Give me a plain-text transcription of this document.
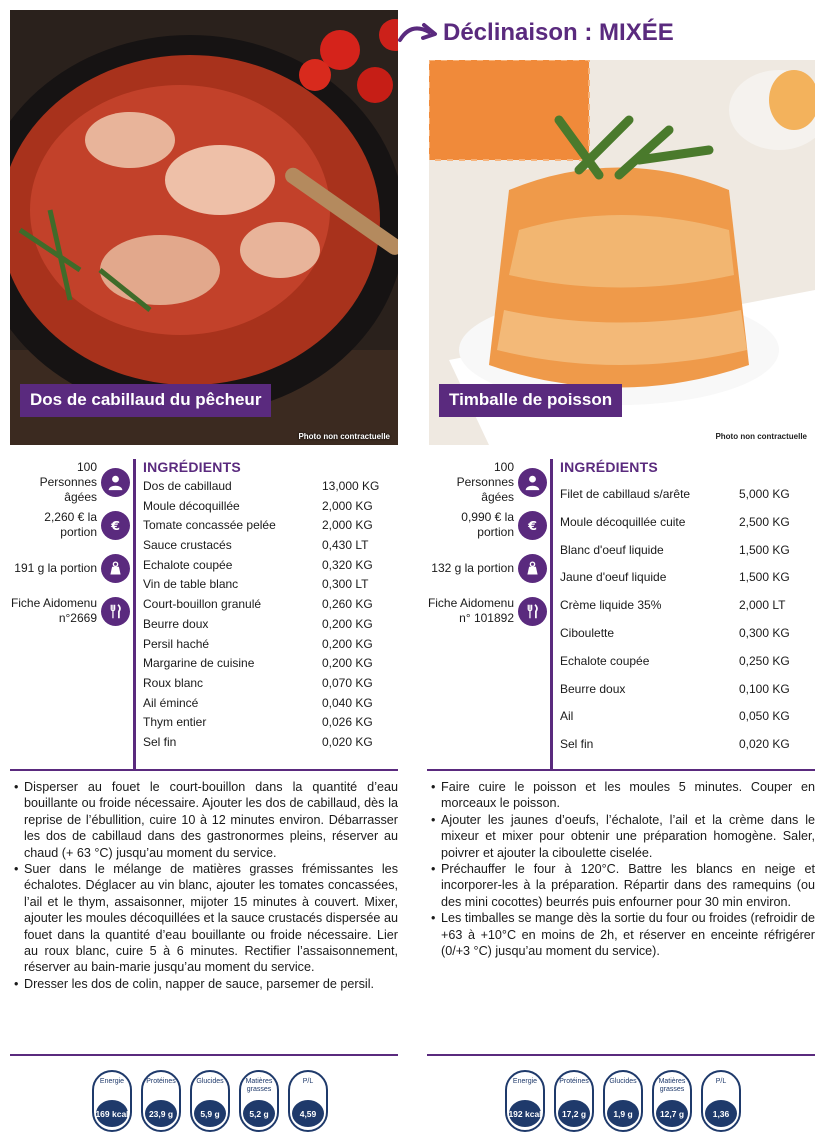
Dos de cabillaud du pêcheur
Photo non contractuelle
100 Personnes âgées
2,260 € la portion €
191 g la portion
Fiche Aidomenu n°2669
INGRÉDIENTS
Dos de cabillaud	13,000 KG
Moule décoquillée	2,000 KG
Tomate concassée pelée	2,000 KG
Sauce crustacés	0,430 LT
Echalote coupée	0,320 KG
Vin de table blanc	0,300 LT
Court-bouillon granulé	0,260 KG
Beurre doux	0,200 KG
Persil haché	0,200 KG
Margarine de cuisine	0,200 KG
Roux blanc	0,070 KG
Ail émincé	0,040 KG
Thym entier	0,026 KG
Sel fin	0,020 KG
• Disperser au fouet le court-bouillon dans la quantité d’eau bouillante ou froide nécessaire. Ajouter les dos de cabillaud, dès la reprise de l’ébullition, cuire 10 à 12 minutes environ. Débarrasser les dos de cabillaud dans des gastronormes pleins, réserver au chaud (+ 63 °C) jusqu’au moment du service.
• Suer dans le mélange de matières grasses frémissantes les échalotes. Déglacer au vin blanc, ajouter les tomates concassées, l’ail et le thym, assaisonner, mijoter 15 minutes à couvert. Mixer, ajouter les moules décoquillées et la sauce crustacés dispersée au fouet dans la quantité d’eau bouillante ou froide nécessaire. Lier au roux blanc, cuire 5 à 6 minutes. Rectifier l’assaisonnement, réserver au bain-marie jusqu’au moment du service.
• Dresser les dos de colin, napper de sauce, parsemer de persil.
Energie
169 kcal
Protéines
23,9 g
Glucides
5,9 g
Matières grasses
5,2 g
P/L
4,59
Déclinaison : MIXÉE
Timballe de poisson
Photo non contractuelle
100 Personnes âgées
0,990 € la portion €
132 g la portion
Fiche Aidomenu n° 101892
INGRÉDIENTS
Filet de cabillaud s/arête	5,000 KG
Moule décoquillée cuite	2,500 KG
Blanc d'oeuf liquide	1,500 KG
Jaune d'oeuf liquide	1,500 KG
Crème liquide 35%	2,000 LT
Ciboulette	0,300 KG
Echalote coupée	0,250 KG
Beurre doux	0,100 KG
Ail	0,050 KG
Sel fin	0,020 KG
• Faire cuire le poisson et les moules 5 minutes. Couper en morceaux le poisson.
• Ajouter les jaunes d’oeufs, l’échalote, l’ail et la crème dans le mixeur et mixer pour obtenir une préparation homogène. Saler, poivrer et ajouter la ciboulette ciselée.
• Préchauffer le four à 120°C. Battre les blancs en neige et incorporer-les à la préparation. Répartir dans des ramequins (ou des mini cocottes) beurrés puis enfourner pour 30 min environ.
• Les timballes se mange dès la sortie du four ou froides (refroidir de +63 à +10°C en moins de 2h, et réserver en enceinte réfrigérer (0/+3 °C) jusqu’au moment du service).
Energie
192 kcal
Protéines
17,2 g
Glucides
1,9 g
Matières grasses
12,7 g
P/L
1,36
